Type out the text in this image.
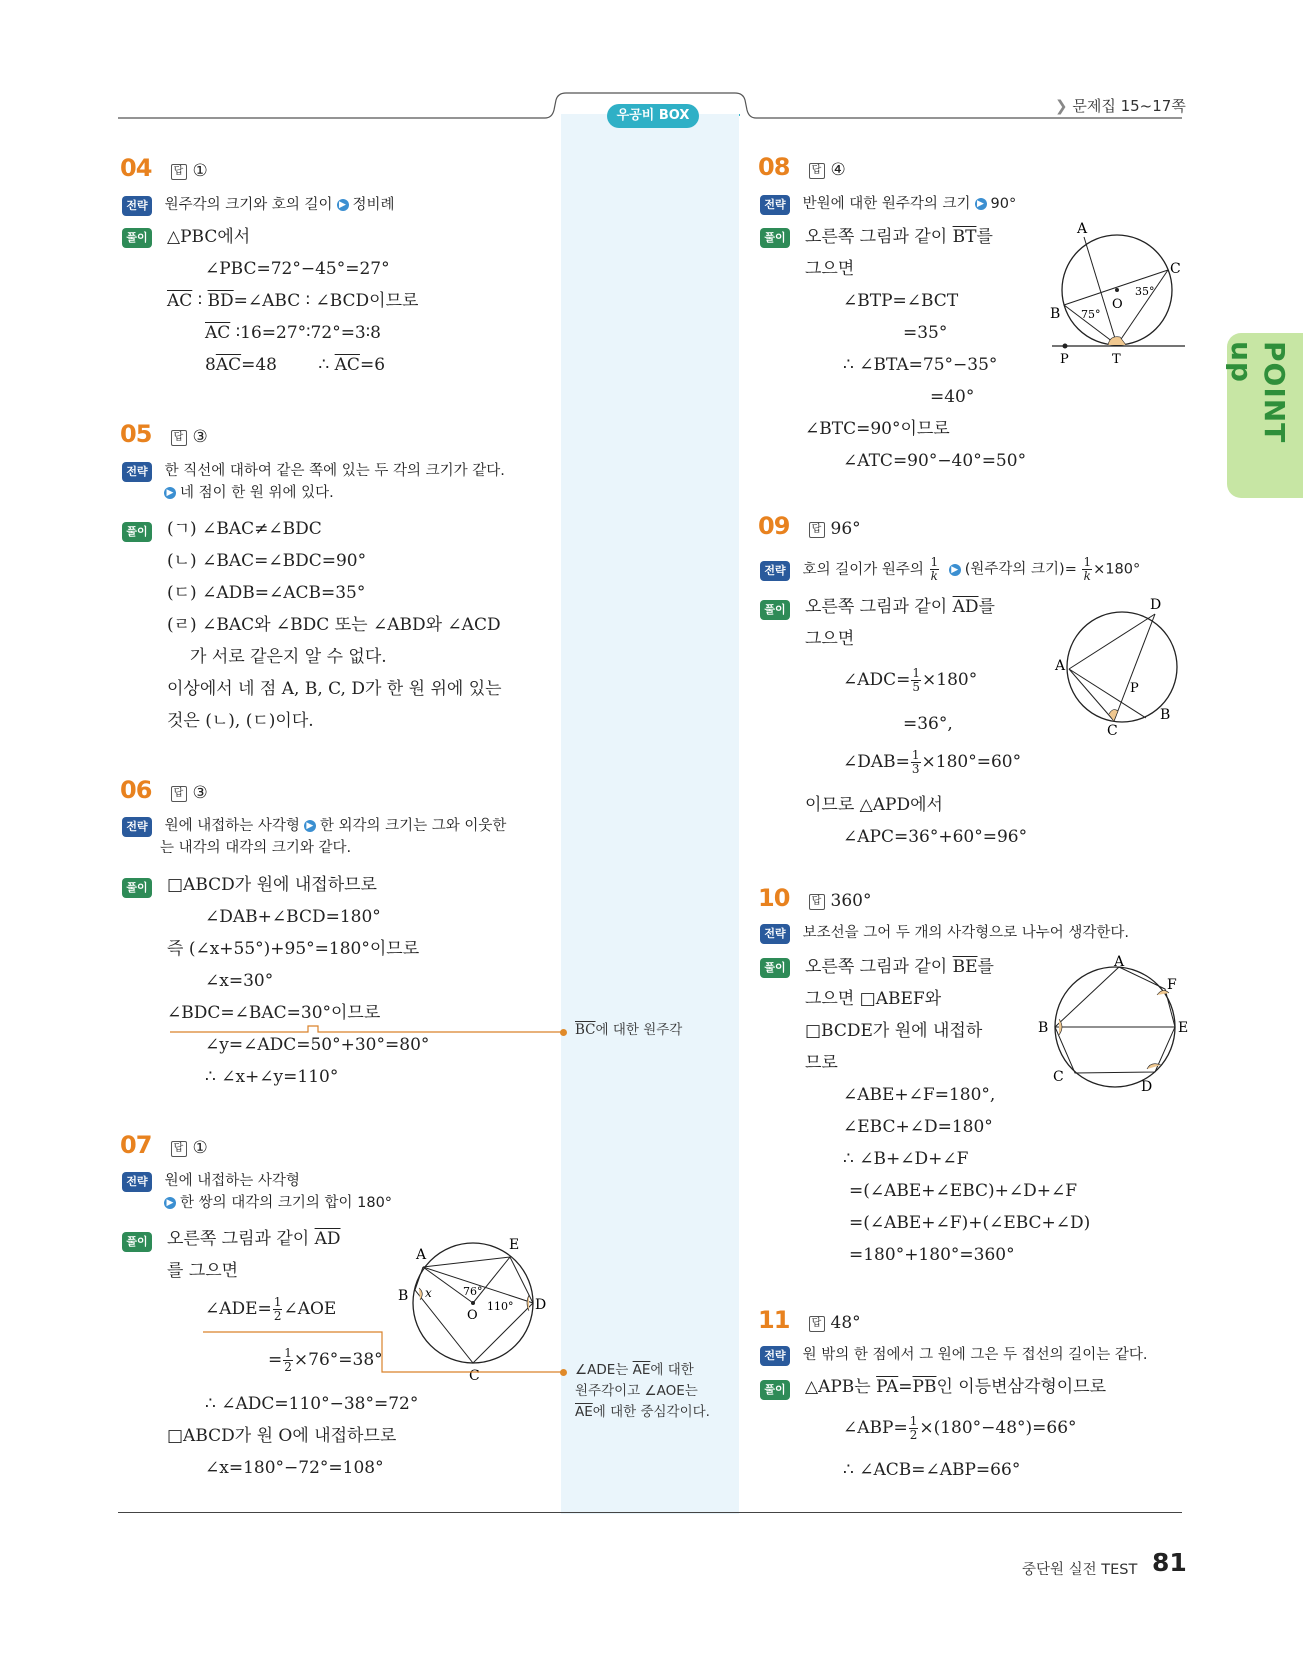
우공비 BOX
❯ 문제집 15~17쪽
POINT up
04 답 ①
전략 원주각의 크기와 호의 길이 ▶ 정비례
풀이 △PBC에서
∠PBC=72°−45°=27°
$\overline{AC}$ ∶ $\overline{BD}=\angle ABC$ ∶ ∠BCD이므로
$\overline{AC}$ ∶16=27°∶72°=3∶8
$8\overline{AC}=48$ ∴ $\overline{AC}=6$
05 답 ③
전략 한 직선에 대하여 같은 쪽에 있는 두 각의 크기가 같다.
▶ 네 점이 한 원 위에 있다.
풀이 (ㄱ) ∠BAC≠∠BDC
(ㄴ) ∠BAC=∠BDC=90°
(ㄷ) ∠ADB=∠ACB=35°
(ㄹ) ∠BAC와 ∠BDC 또는 ∠ABD와 ∠ACD
가 서로 같은지 알 수 없다.
이상에서 네 점 A, B, C, D가 한 원 위에 있는
것은 (ㄴ), (ㄷ)이다.
06 답 ③
전략 원에 내접하는 사각형 ▶ 한 외각의 크기는 그와 이웃한
는 내각의 대각의 크기와 같다.
풀이 □ABCD가 원에 내접하므로
∠DAB+∠BCD=180°
즉 (∠x+55°)+95°=180°이므로
∠x=30°
∠BDC=∠BAC=30°이므로
∠y=∠ADC=50°+30°=80°
∴ ∠x+∠y=110°
07 답 ①
전략 원에 내접하는 사각형
▶ 한 쌍의 대각의 크기의 합이 180°
풀이 오른쪽 그림과 같이 $\overline{AD}$
를 그으면
∠ADE= $\frac{1}{2}$ ∠AOE
= $\frac{1}{2} \times 76^\circ=38^\circ$
∴ ∠ADC=110°−38°=72°
□ABCD가 원 O에 내접하므로
∠x=180°−72°=108°
A
E
B
D
C
O
x	76°
110°
$\overline{BC}$에 대한 원주각
∠ADE는 $\overline{AE}$에 대한
원주각이고 ∠AOE는
$\overline{AE}$에 대한 중심각이다.
08 답 ④
전략 반원에 대한 원주각의 크기 ▶ 90°
풀이 오른쪽 그림과 같이 $\overline{BT}$를
그으면
∠BTP=∠BCT
=35°
∴ ∠BTA=75°−35°
=40°
∠BTC=90°이므로
∠ATC=90°−40°=50°
A
C
B
O
P	T
75°
35°
09 답 96°
전략 호의 길이가 원주의 $\frac{1}{k}$ ▶ (원주각의 크기)= $\frac{1}{k} \times 180^\circ$
풀이 오른쪽 그림과 같이 $\overline{AD}$를
그으면
∠ADC= $\frac{1}{5} \times 180^\circ$
=36°,
∠DAB= $\frac{1}{3} \times 180^\circ=60^\circ$
이므로 △APD에서
∠APC=36°+60°=96°
A
D
P
C
B
10 답 360°
전략 보조선을 그어 두 개의 사각형으로 나누어 생각한다.
풀이 오른쪽 그림과 같이 $\overline{BE}$를
그으면 □ABEF와
□BCDE가 원에 내접하
므로
∠ABE+∠F=180°,
∠EBC+∠D=180°
∴ ∠B+∠D+∠F
=(∠ABE+∠EBC)+∠D+∠F
=(∠ABE+∠F)+(∠EBC+∠D)
=180°+180°=360°
A
F
B	E
C
D
11 답 48°
전략 원 밖의 한 점에서 그 원에 그은 두 접선의 길이는 같다.
풀이 △APB는 $\overline{PA}=\overline{PB}$인 이등변삼각형이므로
∠ABP= $\frac{1}{2} \times(180^\circ-48^\circ)=66^\circ$
∴ ∠ACB=∠ABP=66°
중단원 실전 TEST 81
